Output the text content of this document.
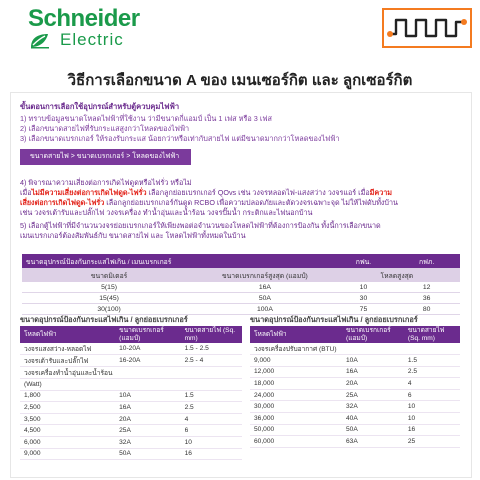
Schneider
Electric
วิธีการเลือกขนาด A ของ เมนเซอร์กิต และ ลูกเซอร์กิต
ขั้นตอนการเลือกใช้อุปกรณ์สำหรับตู้ควบคุมไฟฟ้า
1) ทราบข้อมูลขนาดโหลดไฟฟ้าที่ใช้งาน ว่ามีขนาดกี่แอมป์ เป็น 1 เฟส หรือ 3 เฟส
2) เลือกขนาดสายไฟที่รับกระแสสูงกว่าโหลดของไฟฟ้า
3) เลือกขนาดเบรกเกอร์ ให้รองรับกระแส น้อยกว่าหรือเท่ากับสายไฟ แต่มีขนาดมากกว่าโหลดของไฟฟ้า
ขนาดสายไฟ > ขนาดเบรกเกอร์ > โหลดของไฟฟ้า
4) พิจารณาความเสี่ยงต่อการเกิดไฟดูดหรือไฟรั่ว หรือไม่
เมื่อไม่มีความเสี่ยงต่อการเกิดไฟดูด-ไฟรั่ว เลือกลูกย่อยเบรกเกอร์ QOvs เช่น วงจรหลอดไฟ-แสงสว่าง วงจรแอร์ เมื่อมีความ
เสี่ยงต่อการเกิดไฟดูด-ไฟรั่ว เลือกลูกย่อยเบรกเกอร์กันดูด RCBO เพื่อความปลอดภัยและตัดวงจรเฉพาะจุด ไม่ให้ไฟดับทั้งบ้าน
เช่น วงจรเต้ารับและปลั๊กไฟ วงจรเครื่อง ทำน้ำอุ่นและน้ำร้อน วงจรปั๊มน้ำ กระติกและไฟนอกบ้าน
5) เลือกตู้ไฟฟ้าที่มีจำนวนวงจรย่อยเบรกเกอร์ให้เพียงพอต่อจำนวนของโหลดไฟฟ้าที่ต้องการป้องกัน ทั้งนี้การเลือกขนาด
เมนเบรกเกอร์ต้องสัมพันธ์กับ ขนาดสายไฟ และ โหลดไฟฟ้าทั้งหมดในบ้าน
ขนาดอุปกรณ์ป้องกันกระแสไฟเกิน / เมนเบรกเกอร์		กฟน.	กฟภ.
ขนาดมิเตอร์	ขนาดเบรกเกอร์สูงสุด (แอมป์)	โหลดสูงสุด	
5(15)	16A	10	12
15(45)	50A	30	36
30(100)	100A	75	80
ขนาดอุปกรณ์ป้องกันกระแสไฟเกิน / ลูกย่อยเบรกเกอร์
โหลดไฟฟ้า	ขนาดเบรกเกอร์ (แอมป์)	ขนาดสายไฟ (Sq. mm)
วงจรแสงสว่าง-หลอดไฟ	10-20A	1.5 - 2.5
วงจรเต้ารับและปลั๊กไฟ	16-20A	2.5 - 4
วงจรเครื่องทำน้ำอุ่นและน้ำร้อน		
(Watt)		
1,800	10A	1.5
2,500	16A	2.5
3,500	20A	4
4,500	25A	6
6,000	32A	10
9,000	50A	16
ขนาดอุปกรณ์ป้องกันกระแสไฟเกิน / ลูกย่อยเบรกเกอร์
โหลดไฟฟ้า	ขนาดเบรกเกอร์ (แอมป์)	ขนาดสายไฟ (Sq. mm)
วงจรเครื่องปรับอากาศ (BTU)		
9,000	10A	1.5
12,000	16A	2.5
18,000	20A	4
24,000	25A	6
30,000	32A	10
36,000	40A	10
50,000	50A	16
60,000	63A	25
